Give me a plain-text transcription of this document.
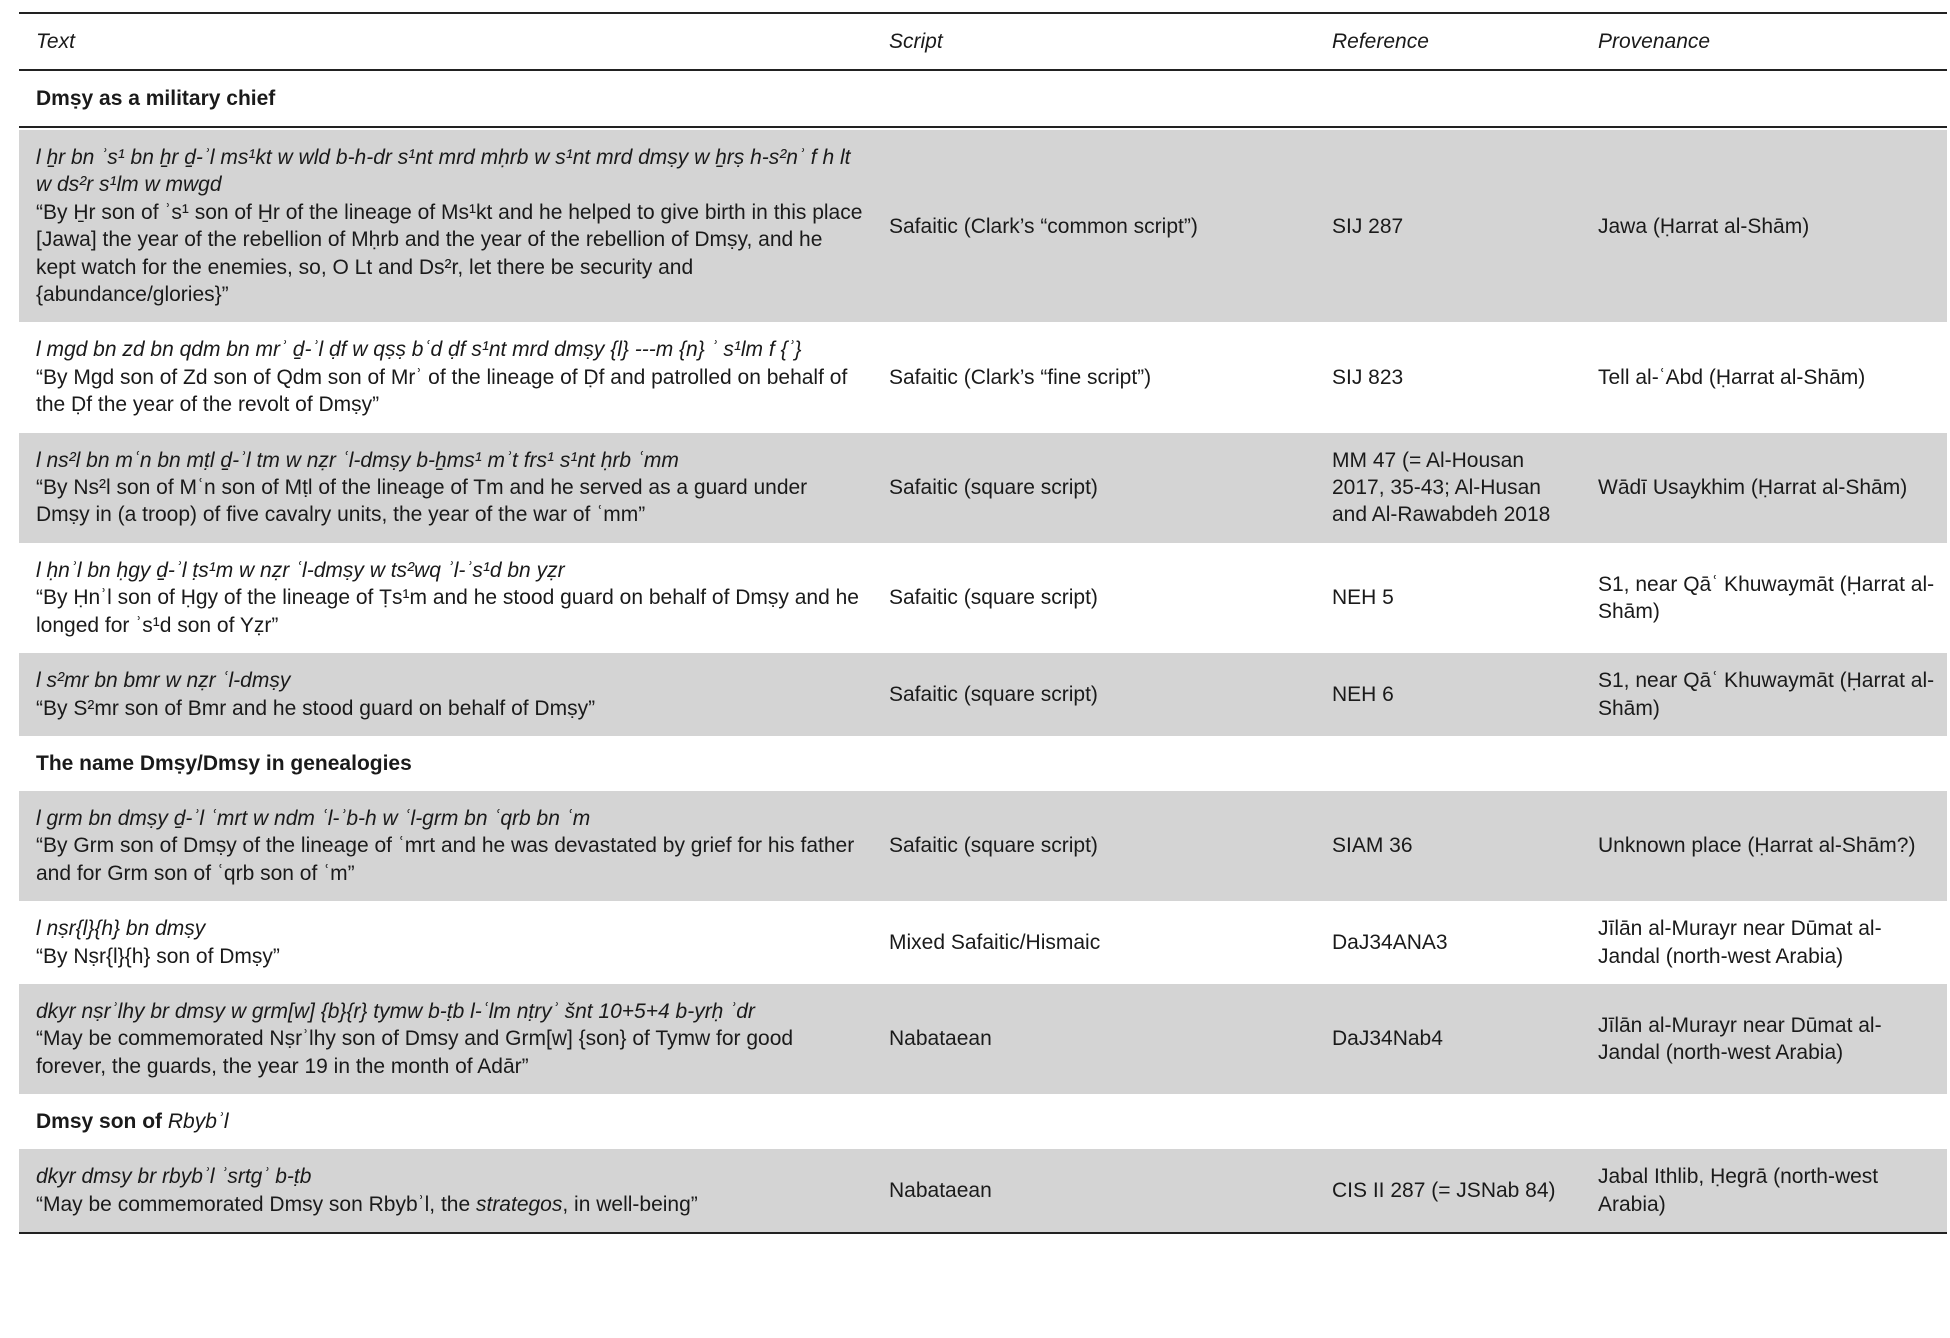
Text	Script	Reference	Provenance
Dmṣy as a military chief			

l ẖr bn ʾs¹ bn ẖr ḏ-ʾl ms¹kt w wld b-h-dr s¹nt mrd mḥrb w s¹nt mrd dmṣy w ẖrṣ h-s²nʾ f h lt w ds²r s¹lm w mwgd
“By H̱r son of ʾs¹ son of H̱r of the lineage of Ms¹kt and he helped to give birth in this place [Jawa] the year of the rebellion of Mḥrb and the year of the rebellion of Dmṣy, and he kept watch for the enemies, so, O Lt and Ds²r, let there be security and {abundance/glories}”	Safaitic (Clark’s “common script”)	SIJ 287	Jawa (Ḥarrat al-Shām)

l mgd bn zd bn qdm bn mrʾ ḏ-ʾl ḍf w qṣṣ bʿd ḍf s¹nt mrd dmṣy {l} ---m {n} ʾ s¹lm f {ʾ}
“By Mgd son of Zd son of Qdm son of Mrʾ of the lineage of Ḍf and patrolled on behalf of the Ḍf the year of the revolt of Dmṣy”	Safaitic (Clark’s “fine script”)	SIJ 823	Tell al-ʿAbd (Ḥarrat al-Shām)

l ns²l bn mʿn bn mṭl ḏ-ʾl tm w nẓr ʿl-dmṣy b-ẖms¹ mʾt frs¹ s¹nt ḥrb ʿmm
“By Ns²l son of Mʿn son of Mṭl of the lineage of Tm and he served as a guard under Dmṣy in (a troop) of five cavalry units, the year of the war of ʿmm”	Safaitic (square script)	MM 47 (= Al-Housan 2017, 35-43; Al-Husan and Al-Rawabdeh 2018	Wādī Usaykhim (Ḥarrat al-Shām)

l ḥnʾl bn ḥgy ḏ-ʾl ṭs¹m w nẓr ʿl-dmṣy w ts²wq ʾl-ʾs¹d bn yẓr
“By Ḥnʾl son of Ḥgy of the lineage of Ṭs¹m and he stood guard on behalf of Dmṣy and he longed for ʾs¹d son of Yẓr”	Safaitic (square script)	NEH 5	S1, near Qāʿ Khuwaymāt (Ḥarrat al-Shām)

l s²mr bn bmr w nẓr ʿl-dmṣy
“By S²mr son of Bmr and he stood guard on behalf of Dmṣy”	Safaitic (square script)	NEH 6	S1, near Qāʿ Khuwaymāt (Ḥarrat al-Shām)
The name Dmṣy/Dmsy in genealogies			

l grm bn dmṣy ḏ-ʾl ʿmrt w ndm ʿl-ʾb-h w ʿl-grm bn ʿqrb bn ʿm
“By Grm son of Dmṣy of the lineage of ʿmrt and he was devastated by grief for his father and for Grm son of ʿqrb son of ʿm”	Safaitic (square script)	SIAM 36	Unknown place (Ḥarrat al-Shām?)

l nṣr{l}{h} bn dmṣy
“By Nṣr{l}{h} son of Dmṣy”	Mixed Safaitic/Hismaic	DaJ34ANA3	Jīlān al-Murayr near Dūmat al-Jandal (north-west Arabia)

dkyr nṣrʾlhy br dmsy w grm[w] {b}{r} tymw b-ṭb l-ʿlm nṭryʾ šnt 10+5+4 b-yrḥ ʾdr
“May be commemorated Nṣrʾlhy son of Dmsy and Grm[w] {son} of Tymw for good forever, the guards, the year 19 in the month of Adār”	Nabataean	DaJ34Nab4	Jīlān al-Murayr near Dūmat al-Jandal (north-west Arabia)
Dmsy son of Rbybʾl			

dkyr dmsy br rbybʾl ʾsrtgʾ b-ṭb
“May be commemorated Dmsy son Rbybʾl, the strategos, in well-being”	Nabataean	CIS II 287 (= JSNab 84)	Jabal Ithlib, Ḥegrā (north-west Arabia)
